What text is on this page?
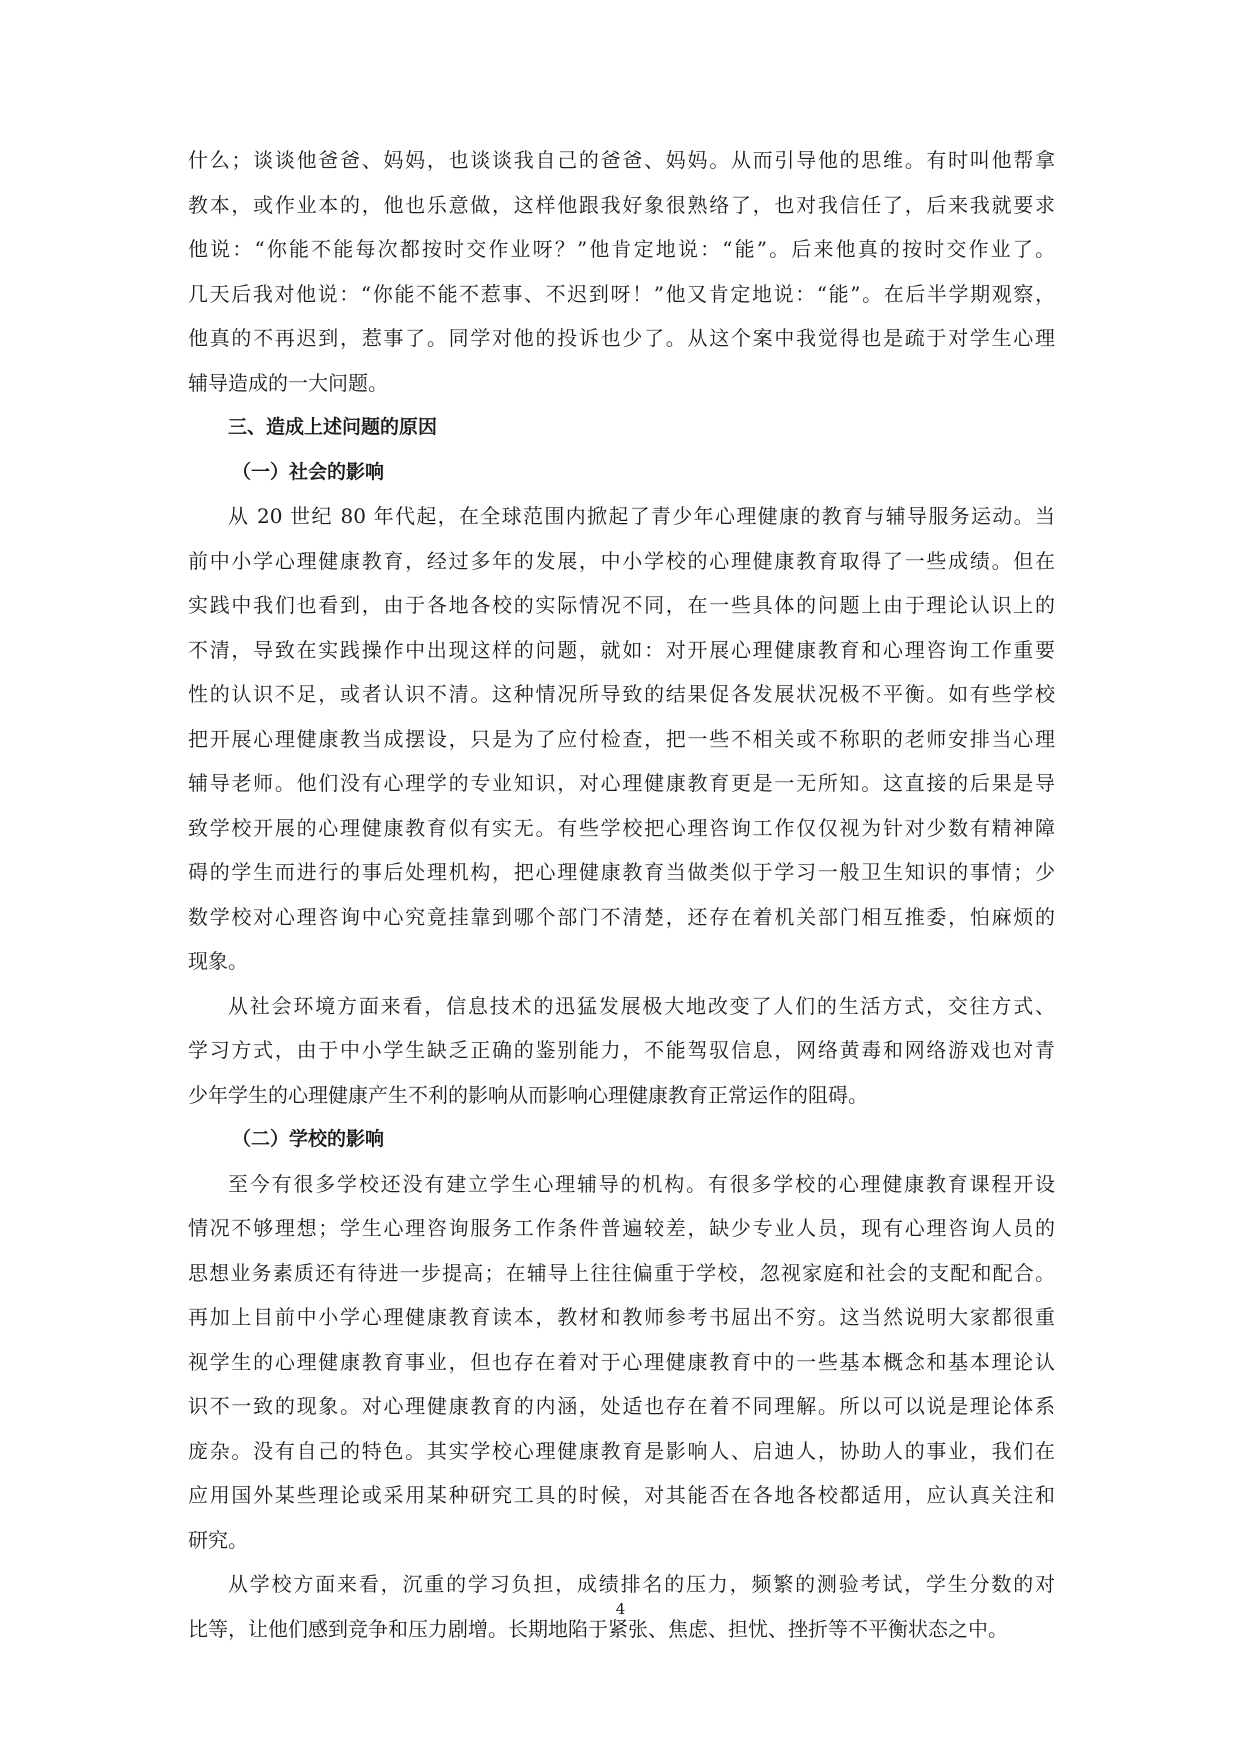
什么；谈谈他爸爸、妈妈，也谈谈我自己的爸爸、妈妈。从而引导他的思维。有时叫他帮拿
教本，或作业本的，他也乐意做，这样他跟我好象很熟络了，也对我信任了，后来我就要求
他说：“你能不能每次都按时交作业呀？”他肯定地说：“能”。后来他真的按时交作业了。
几天后我对他说：“你能不能不惹事、不迟到呀！”他又肯定地说：“能”。在后半学期观察，
他真的不再迟到，惹事了。同学对他的投诉也少了。从这个案中我觉得也是疏于对学生心理
辅导造成的一大问题。
三、造成上述问题的原因
（一）社会的影响
从 20 世纪 80 年代起，在全球范围内掀起了青少年心理健康的教育与辅导服务运动。当
前中小学心理健康教育，经过多年的发展，中小学校的心理健康教育取得了一些成绩。但在
实践中我们也看到，由于各地各校的实际情况不同，在一些具体的问题上由于理论认识上的
不清，导致在实践操作中出现这样的问题，就如：对开展心理健康教育和心理咨询工作重要
性的认识不足，或者认识不清。这种情况所导致的结果促各发展状况极不平衡。如有些学校
把开展心理健康教当成摆设，只是为了应付检查，把一些不相关或不称职的老师安排当心理
辅导老师。他们没有心理学的专业知识，对心理健康教育更是一无所知。这直接的后果是导
致学校开展的心理健康教育似有实无。有些学校把心理咨询工作仅仅视为针对少数有精神障
碍的学生而进行的事后处理机构，把心理健康教育当做类似于学习一般卫生知识的事情；少
数学校对心理咨询中心究竟挂靠到哪个部门不清楚，还存在着机关部门相互推委，怕麻烦的
现象。
从社会环境方面来看，信息技术的迅猛发展极大地改变了人们的生活方式，交往方式、
学习方式，由于中小学生缺乏正确的鉴别能力，不能驾驭信息，网络黄毒和网络游戏也对青
少年学生的心理健康产生不利的影响从而影响心理健康教育正常运作的阻碍。
（二）学校的影响
至今有很多学校还没有建立学生心理辅导的机构。有很多学校的心理健康教育课程开设
情况不够理想；学生心理咨询服务工作条件普遍较差，缺少专业人员，现有心理咨询人员的
思想业务素质还有待进一步提高；在辅导上往往偏重于学校，忽视家庭和社会的支配和配合。
再加上目前中小学心理健康教育读本，教材和教师参考书屈出不穷。这当然说明大家都很重
视学生的心理健康教育事业，但也存在着对于心理健康教育中的一些基本概念和基本理论认
识不一致的现象。对心理健康教育的内涵，处适也存在着不同理解。所以可以说是理论体系
庞杂。没有自己的特色。其实学校心理健康教育是影响人、启迪人，协助人的事业，我们在
应用国外某些理论或采用某种研究工具的时候，对其能否在各地各校都适用，应认真关注和
研究。
从学校方面来看，沉重的学习负担，成绩排名的压力，频繁的测验考试，学生分数的对
比等，让他们感到竞争和压力剧增。长期地陷于紧张、焦虑、担忧、挫折等不平衡状态之中。
4
